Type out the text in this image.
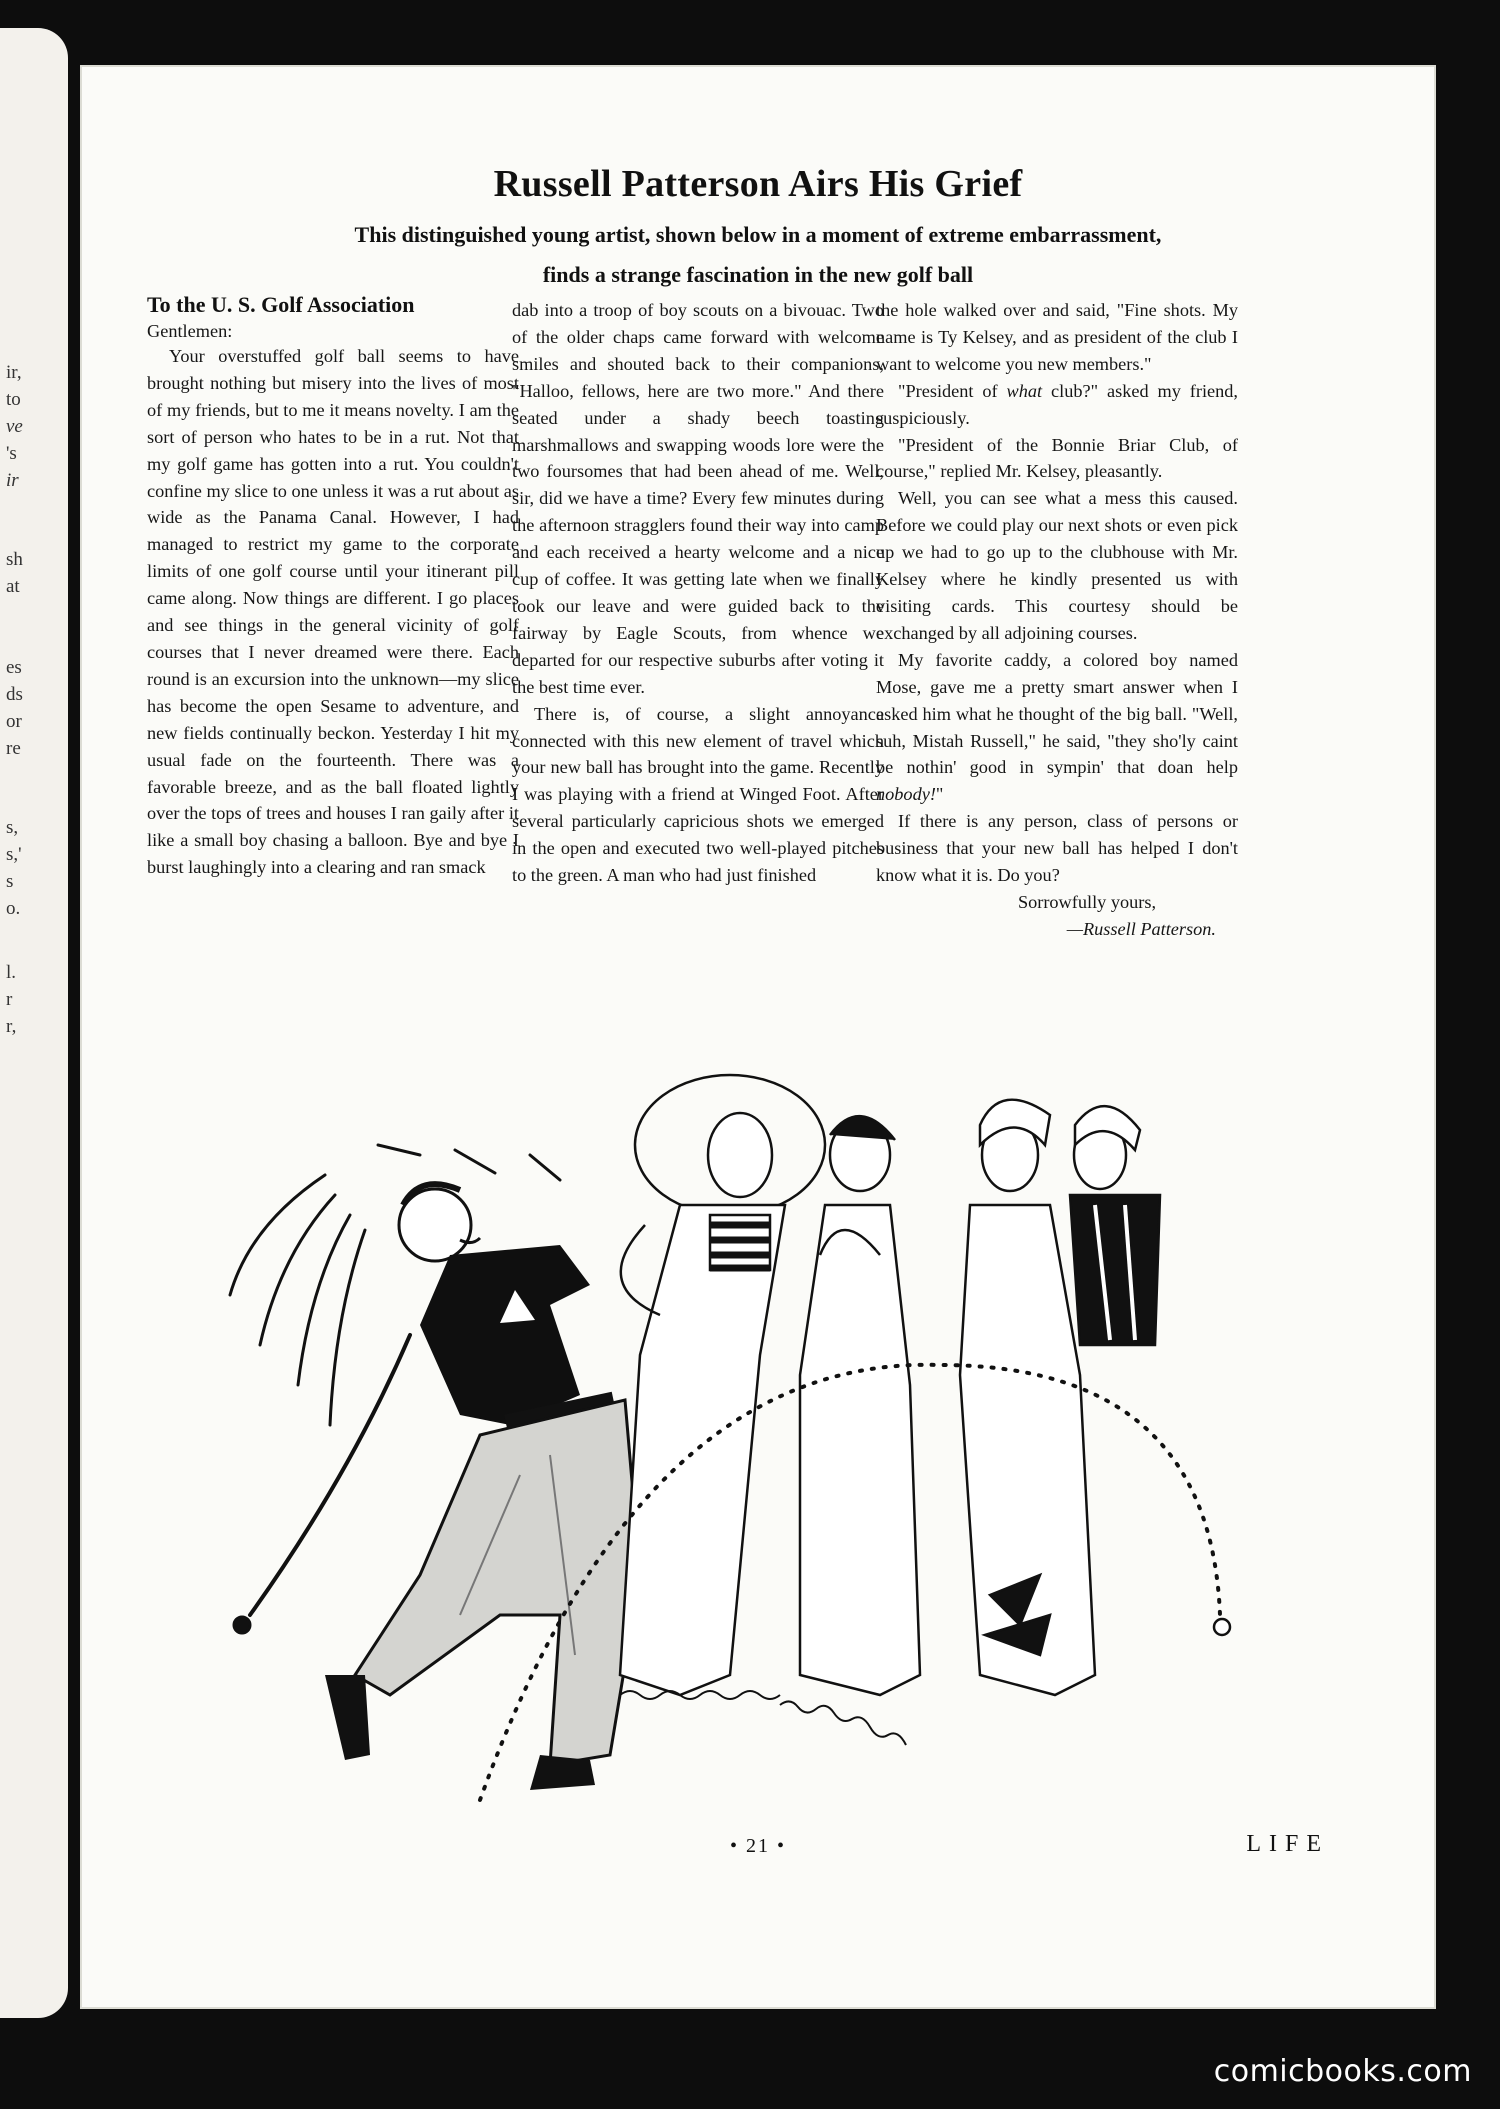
ir,
to
ve
's
ir
sh
at
es
ds
or
re
s,
s,'
s
o.
l.
r
r,
Russell Patterson Airs His Grief
This distinguished young artist, shown below in a moment of extreme embarrassment,
finds a strange fascination in the new golf ball

To the U. S. Golf Association

Gentlemen:

Your overstuffed golf ball seems to have brought nothing but misery into the lives of most of my friends, but to me it means novelty. I am the sort of person who hates to be in a rut. Not that my golf game has gotten into a rut. You couldn't confine my slice to one unless it was a rut about as wide as the Panama Canal. However, I had managed to restrict my game to the corporate limits of one golf course until your itinerant pill came along. Now things are different. I go places and see things in the general vicinity of golf courses that I never dreamed were there. Each round is an excursion into the unknown—my slice has become the open Sesame to adventure, and new fields continually beckon. Yesterday I hit my usual fade on the fourteenth. There was a favorable breeze, and as the ball floated lightly over the tops of trees and houses I ran gaily after it like a small boy chasing a balloon. Bye and bye I burst laughingly into a clearing and ran smack

dab into a troop of boy scouts on a bivouac. Two of the older chaps came forward with welcome smiles and shouted back to their companions, "Halloo, fellows, here are two more." And there seated under a shady beech toasting marshmallows and swapping woods lore were the two foursomes that had been ahead of me. Well, sir, did we have a time? Every few minutes during the afternoon stragglers found their way into camp and each received a hearty welcome and a nice cup of coffee. It was getting late when we finally took our leave and were guided back to the fairway by Eagle Scouts, from whence we departed for our respective suburbs after voting it the best time ever.

There is, of course, a slight annoyance connected with this new element of travel which your new ball has brought into the game. Recently I was playing with a friend at Winged Foot. After several particularly capricious shots we emerged in the open and executed two well-played pitches to the green. A man who had just finished

the hole walked over and said, "Fine shots. My name is Ty Kelsey, and as president of the club I want to welcome you new members."

"President of what club?" asked my friend, suspiciously.

"President of the Bonnie Briar Club, of course," replied Mr. Kelsey, pleasantly.

Well, you can see what a mess this caused. Before we could play our next shots or even pick up we had to go up to the clubhouse with Mr. Kelsey where he kindly presented us with visiting cards. This courtesy should be exchanged by all adjoining courses.

My favorite caddy, a colored boy named Mose, gave me a pretty smart answer when I asked him what he thought of the big ball. "Well, suh, Mistah Russell," he said, "they sho'ly caint be nothin' good in sympin' that doan help nobody!"

If there is any person, class of persons or business that your new ball has helped I don't know what it is. Do you?

Sorrowfully yours,

—Russell Patterson.

• 21 •	LIFE
comicbooks.com
